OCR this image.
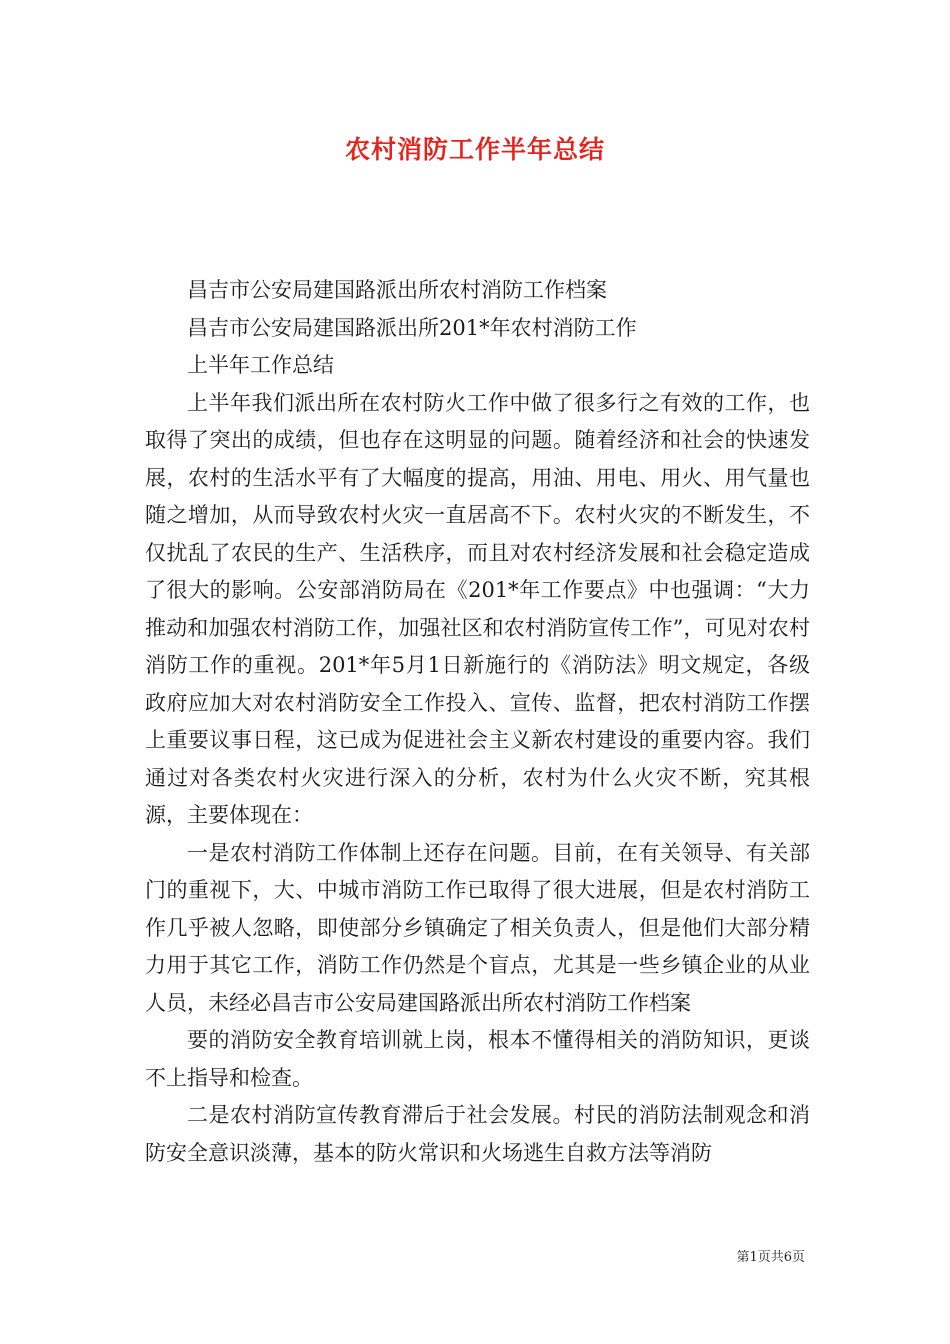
农村消防工作半年总结

昌吉市公安局建国路派出所农村消防工作档案

昌吉市公安局建国路派出所201*年农村消防工作

上半年工作总结

上半年我们派出所在农村防火工作中做了很多行之有效的工作，也取得了突出的成绩，但也存在这明显的问题。随着经济和社会的快速发展，农村的生活水平有了大幅度的提高，用油、用电、用火、用气量也随之增加，从而导致农村火灾一直居高不下。农村火灾的不断发生，不仅扰乱了农民的生产、生活秩序，而且对农村经济发展和社会稳定造成了很大的影响。公安部消防局在《201*年工作要点》中也强调：“大力推动和加强农村消防工作，加强社区和农村消防宣传工作”，可见对农村消防工作的重视。201*年5月1日新施行的《消防法》明文规定，各级政府应加大对农村消防安全工作投入、宣传、监督，把农村消防工作摆上重要议事日程，这已成为促进社会主义新农村建设的重要内容。我们通过对各类农村火灾进行深入的分析，农村为什么火灾不断，究其根源，主要体现在：

一是农村消防工作体制上还存在问题。目前，在有关领导、有关部门的重视下，大、中城市消防工作已取得了很大进展，但是农村消防工作几乎被人忽略，即使部分乡镇确定了相关负责人，但是他们大部分精力用于其它工作，消防工作仍然是个盲点，尤其是一些乡镇企业的从业人员，未经必昌吉市公安局建国路派出所农村消防工作档案

要的消防安全教育培训就上岗，根本不懂得相关的消防知识，更谈不上指导和检查。

二是农村消防宣传教育滞后于社会发展。村民的消防法制观念和消防安全意识淡薄，基本的防火常识和火场逃生自救方法等消防

第1页共6页
